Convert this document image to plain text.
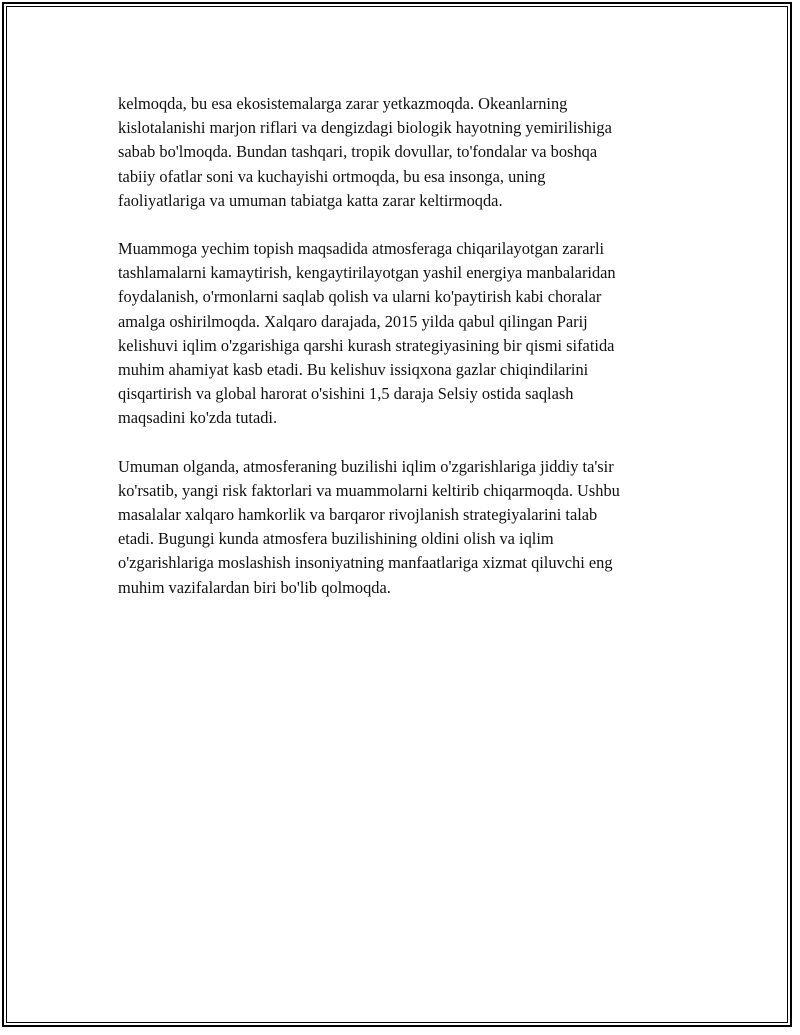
kelmoqda, bu esa ekosistemalarga zarar yetkazmoqda. Okeanlarning
kislotalanishi marjon riflari va dengizdagi biologik hayotning yemirilishiga
sabab bo'lmoqda. Bundan tashqari, tropik dovullar, to'fondalar va boshqa
tabiiy ofatlar soni va kuchayishi ortmoqda, bu esa insonga, uning
faoliyatlariga va umuman tabiatga katta zarar keltirmoqda.

Muammoga yechim topish maqsadida atmosferaga chiqarilayotgan zararli
tashlamalarni kamaytirish, kengaytirilayotgan yashil energiya manbalaridan
foydalanish, o'rmonlarni saqlab qolish va ularni ko'paytirish kabi choralar
amalga oshirilmoqda. Xalqaro darajada, 2015 yilda qabul qilingan Parij
kelishuvi iqlim o'zgarishiga qarshi kurash strategiyasining bir qismi sifatida
muhim ahamiyat kasb etadi. Bu kelishuv issiqxona gazlar chiqindilarini
qisqartirish va global harorat o'sishini 1,5 daraja Selsiy ostida saqlash
maqsadini ko'zda tutadi.

Umuman olganda, atmosferaning buzilishi iqlim o'zgarishlariga jiddiy ta'sir
ko'rsatib, yangi risk faktorlari va muammolarni keltirib chiqarmoqda. Ushbu
masalalar xalqaro hamkorlik va barqaror rivojlanish strategiyalarini talab
etadi. Bugungi kunda atmosfera buzilishining oldini olish va iqlim
o'zgarishlariga moslashish insoniyatning manfaatlariga xizmat qiluvchi eng
muhim vazifalardan biri bo'lib qolmoqda.
